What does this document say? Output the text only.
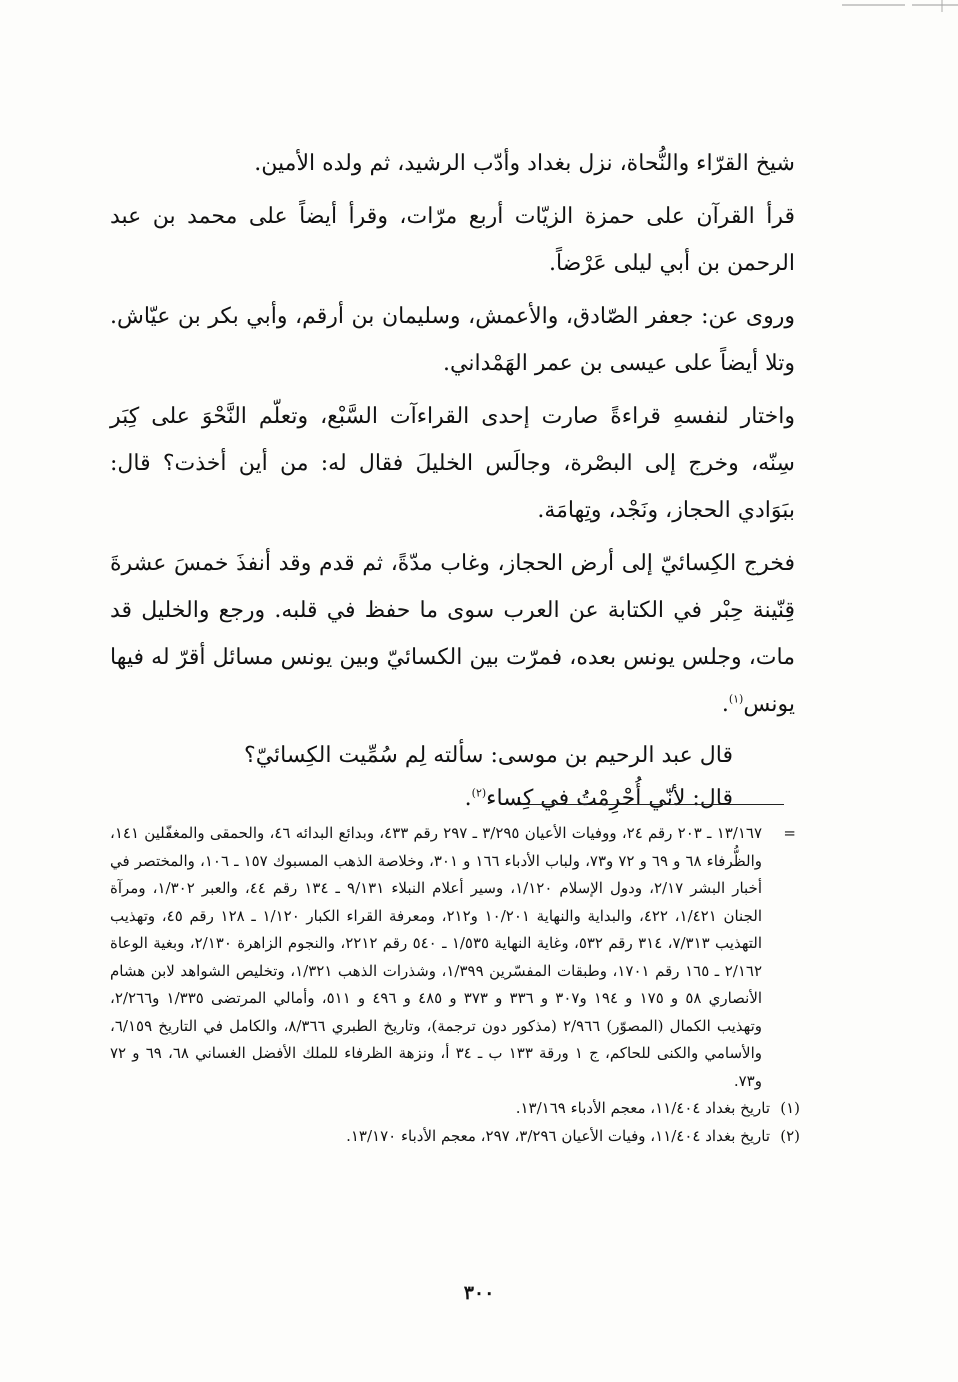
شيخ القرّاء والنُّحاة، نزل بغداد وأدّب الرشيد، ثم ولده الأمين.

قرأ القرآن على حمزة الزيّات أربع مرّات، وقرأ أيضاً على محمد بن عبد الرحمن بن أبي ليلى عَرْضاً.

وروى عن: جعفر الصّادق، والأعمش، وسليمان بن أرقم، وأبي بكر بن عيّاش. وتلا أيضاً على عيسى بن عمر الهَمْداني.

واختار لنفسهِ قراءةً صارت إحدى القراءآت السَّبْع، وتعلّم النَّحْوَ على كِبَر سِنّه، وخرج إلى البصْرة، وجالَس الخليلَ فقال له: من أين أخذت؟ قال: ببَوَادي الحجاز، ونَجْد، وتِهامَة.

فخرج الكِسائيّ إلى أرض الحجاز، وغاب مدّةً، ثم قدم وقد أنفذَ خمسَ عشرةَ قِنّينة حِبْر في الكتابة عن العرب سوى ما حفظ في قلبه. ورجع والخليل قد مات، وجلس يونس بعده، فمرّت بين الكسائيّ وبين يونس مسائل أقرّ له فيها يونس$^{(١)}$.

قال عبد الرحيم بن موسى: سألته لِم سُمِّيت الكِسائيّ؟

قال: لأنّي أُحْرِمْتُ في كِساء$^{(٢)}$.

=
١٣/١٦٧ ـ ٢٠٣ رقم ٢٤، ووفيات الأعيان ٣/٢٩٥ ـ ٢٩٧ رقم ٤٣٣، وبدائع البدائه ٤٦، والحمقى والمغفّلين ١٤١، والظُّرفاء ٦٨ و ٦٩ و ٧٢ و٧٣، ولباب الأدباء ١٦٦ و ٣٠١، وخلاصة الذهب المسبوك ١٥٧ ـ ١٠٦، والمختصر في أخبار البشر ٢/١٧، ودول الإسلام ١/١٢٠، وسير أعلام النبلاء ٩/١٣١ ـ ١٣٤ رقم ٤٤، والعبر ١/٣٠٢، ومرآة الجنان ١/٤٢١، ٤٢٢، والبداية والنهاية ١٠/٢٠١ و٢١٢، ومعرفة القراء الكبار ١/١٢٠ ـ ١٢٨ رقم ٤٥، وتهذيب التهذيب ٧/٣١٣، ٣١٤ رقم ٥٣٢، وغاية النهاية ١/٥٣٥ ـ ٥٤٠ رقم ٢٢١٢، والنجوم الزاهرة ٢/١٣٠، وبغية الوعاة ٢/١٦٢ ـ ١٦٥ رقم ١٧٠١، وطبقات المفسّرين ١/٣٩٩، وشذرات الذهب ١/٣٢١، وتخليص الشواهد لابن هشام الأنصاري ٥٨ و ١٧٥ و ١٩٤ و٣٠٧ و ٣٣٦ و ٣٧٣ و ٤٨٥ و ٤٩٦ و ٥١١، وأمالي المرتضى ١/٣٣٥ و٢/٢٦٦، وتهذيب الكمال (المصوّر) ٢/٩٦٦ (مذكور دون ترجمة)، وتاريخ الطبري ٨/٣٦٦، والكامل في التاريخ ٦/١٥٩، والأسامي والكنى للحاكم، ج ١ ورقة ١٣٣ ب ـ ٣٤ أ، ونزهة الظرفاء للملك الأفضل الغساني ٦٨، ٦٩ و ٧٢ و٧٣.
(١)
تاريخ بغداد ١١/٤٠٤، معجم الأدباء ١٣/١٦٩.
(٢)
تاريخ بغداد ١١/٤٠٤، وفيات الأعيان ٣/٢٩٦، ٢٩٧، معجم الأدباء ١٣/١٧٠.
٣٠٠
